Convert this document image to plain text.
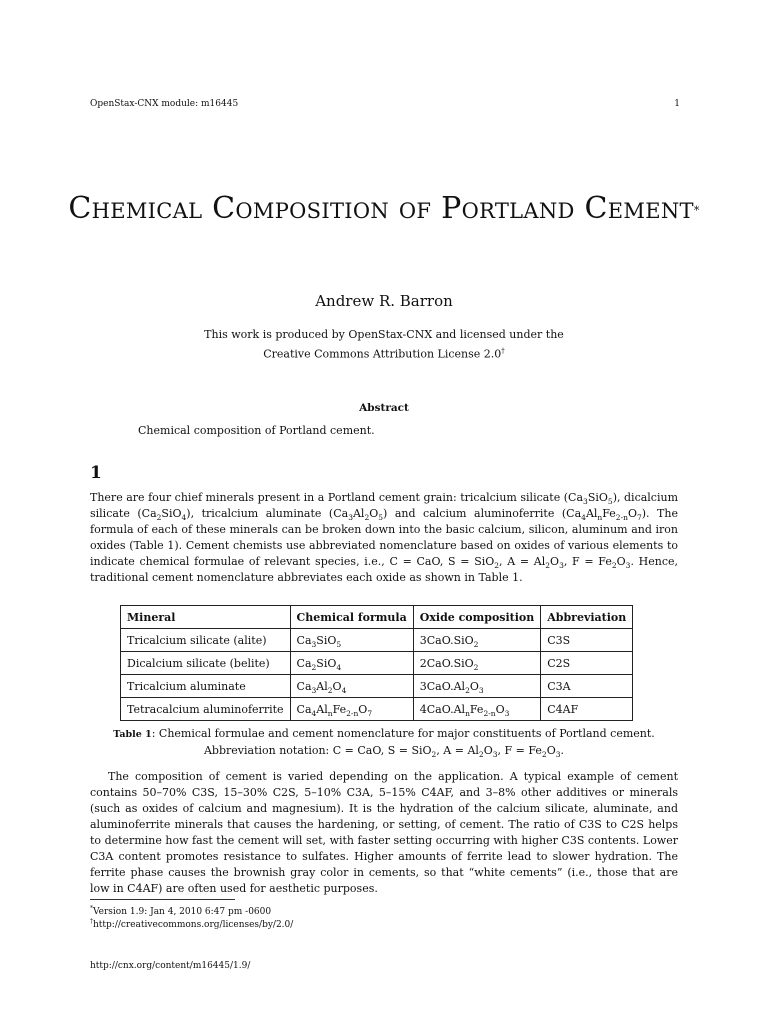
OpenStax-CNX module: m16445	1
Chemical Composition of Portland Cement*
Andrew R. Barron
This work is produced by OpenStax-CNX and licensed under the
Creative Commons Attribution License 2.0†
Abstract
Chemical composition of Portland cement.
1
There are four chief minerals present in a Portland cement grain: tricalcium silicate $(Ca_3SiO_5)$, dicalcium silicate $(Ca_2SiO_4)$, tricalcium aluminate $(Ca_3Al_2O_5)$ and calcium aluminoferrite $(Ca_4Al_nFe_{2-n}O_7)$. The formula of each of these minerals can be broken down into the basic calcium, silicon, aluminum and iron oxides (Table 1). Cement chemists use abbreviated nomenclature based on oxides of various elements to indicate chemical formulae of relevant species, i.e., C = CaO, S = SiO$_2$, $A = Al_2O_3$, $F = Fe_2O_3$. Hence, traditional cement nomenclature abbreviates each oxide as shown in Table 1.
Mineral	Chemical formula	Oxide composition	Abbreviation
Tricalcium silicate (alite)	$Ca_3SiO_5$	3CaO.SiO$_2$	C3S
Dicalcium silicate (belite)	$Ca_2SiO_4$	2CaO.SiO$_2$	C2S
Tricalcium aluminate	$Ca_3Al_2O_4$	$3CaO.Al_2O_3$	C3A
Tetracalcium aluminoferrite	$Ca_4Al_nFe_{2-n}O_7$	$4CaO.Al_nFe_{2-n}O_3$	C4AF
Table 1: Chemical formulae and cement nomenclature for major constituents of Portland cement.
Abbreviation notation: C = CaO, S = SiO$_2$, $A = Al_2O_3$, $F = Fe_2O_3$.
The composition of cement is varied depending on the application. A typical example of cement contains 50–70% C3S, 15–30% C2S, 5–10% C3A, 5–15% C4AF, and 3–8% other additives or minerals (such as oxides of calcium and magnesium). It is the hydration of the calcium silicate, aluminate, and aluminoferrite minerals that causes the hardening, or setting, of cement. The ratio of C3S to C2S helps to determine how fast the cement will set, with faster setting occurring with higher C3S contents. Lower C3A content promotes resistance to sulfates. Higher amounts of ferrite lead to slower hydration. The ferrite phase causes the brownish gray color in cements, so that “white cements” (i.e., those that are low in C4AF) are often used for aesthetic purposes.
*Version 1.9: Jan 4, 2010 6:47 pm -0600
†http://creativecommons.org/licenses/by/2.0/
http://cnx.org/content/m16445/1.9/
